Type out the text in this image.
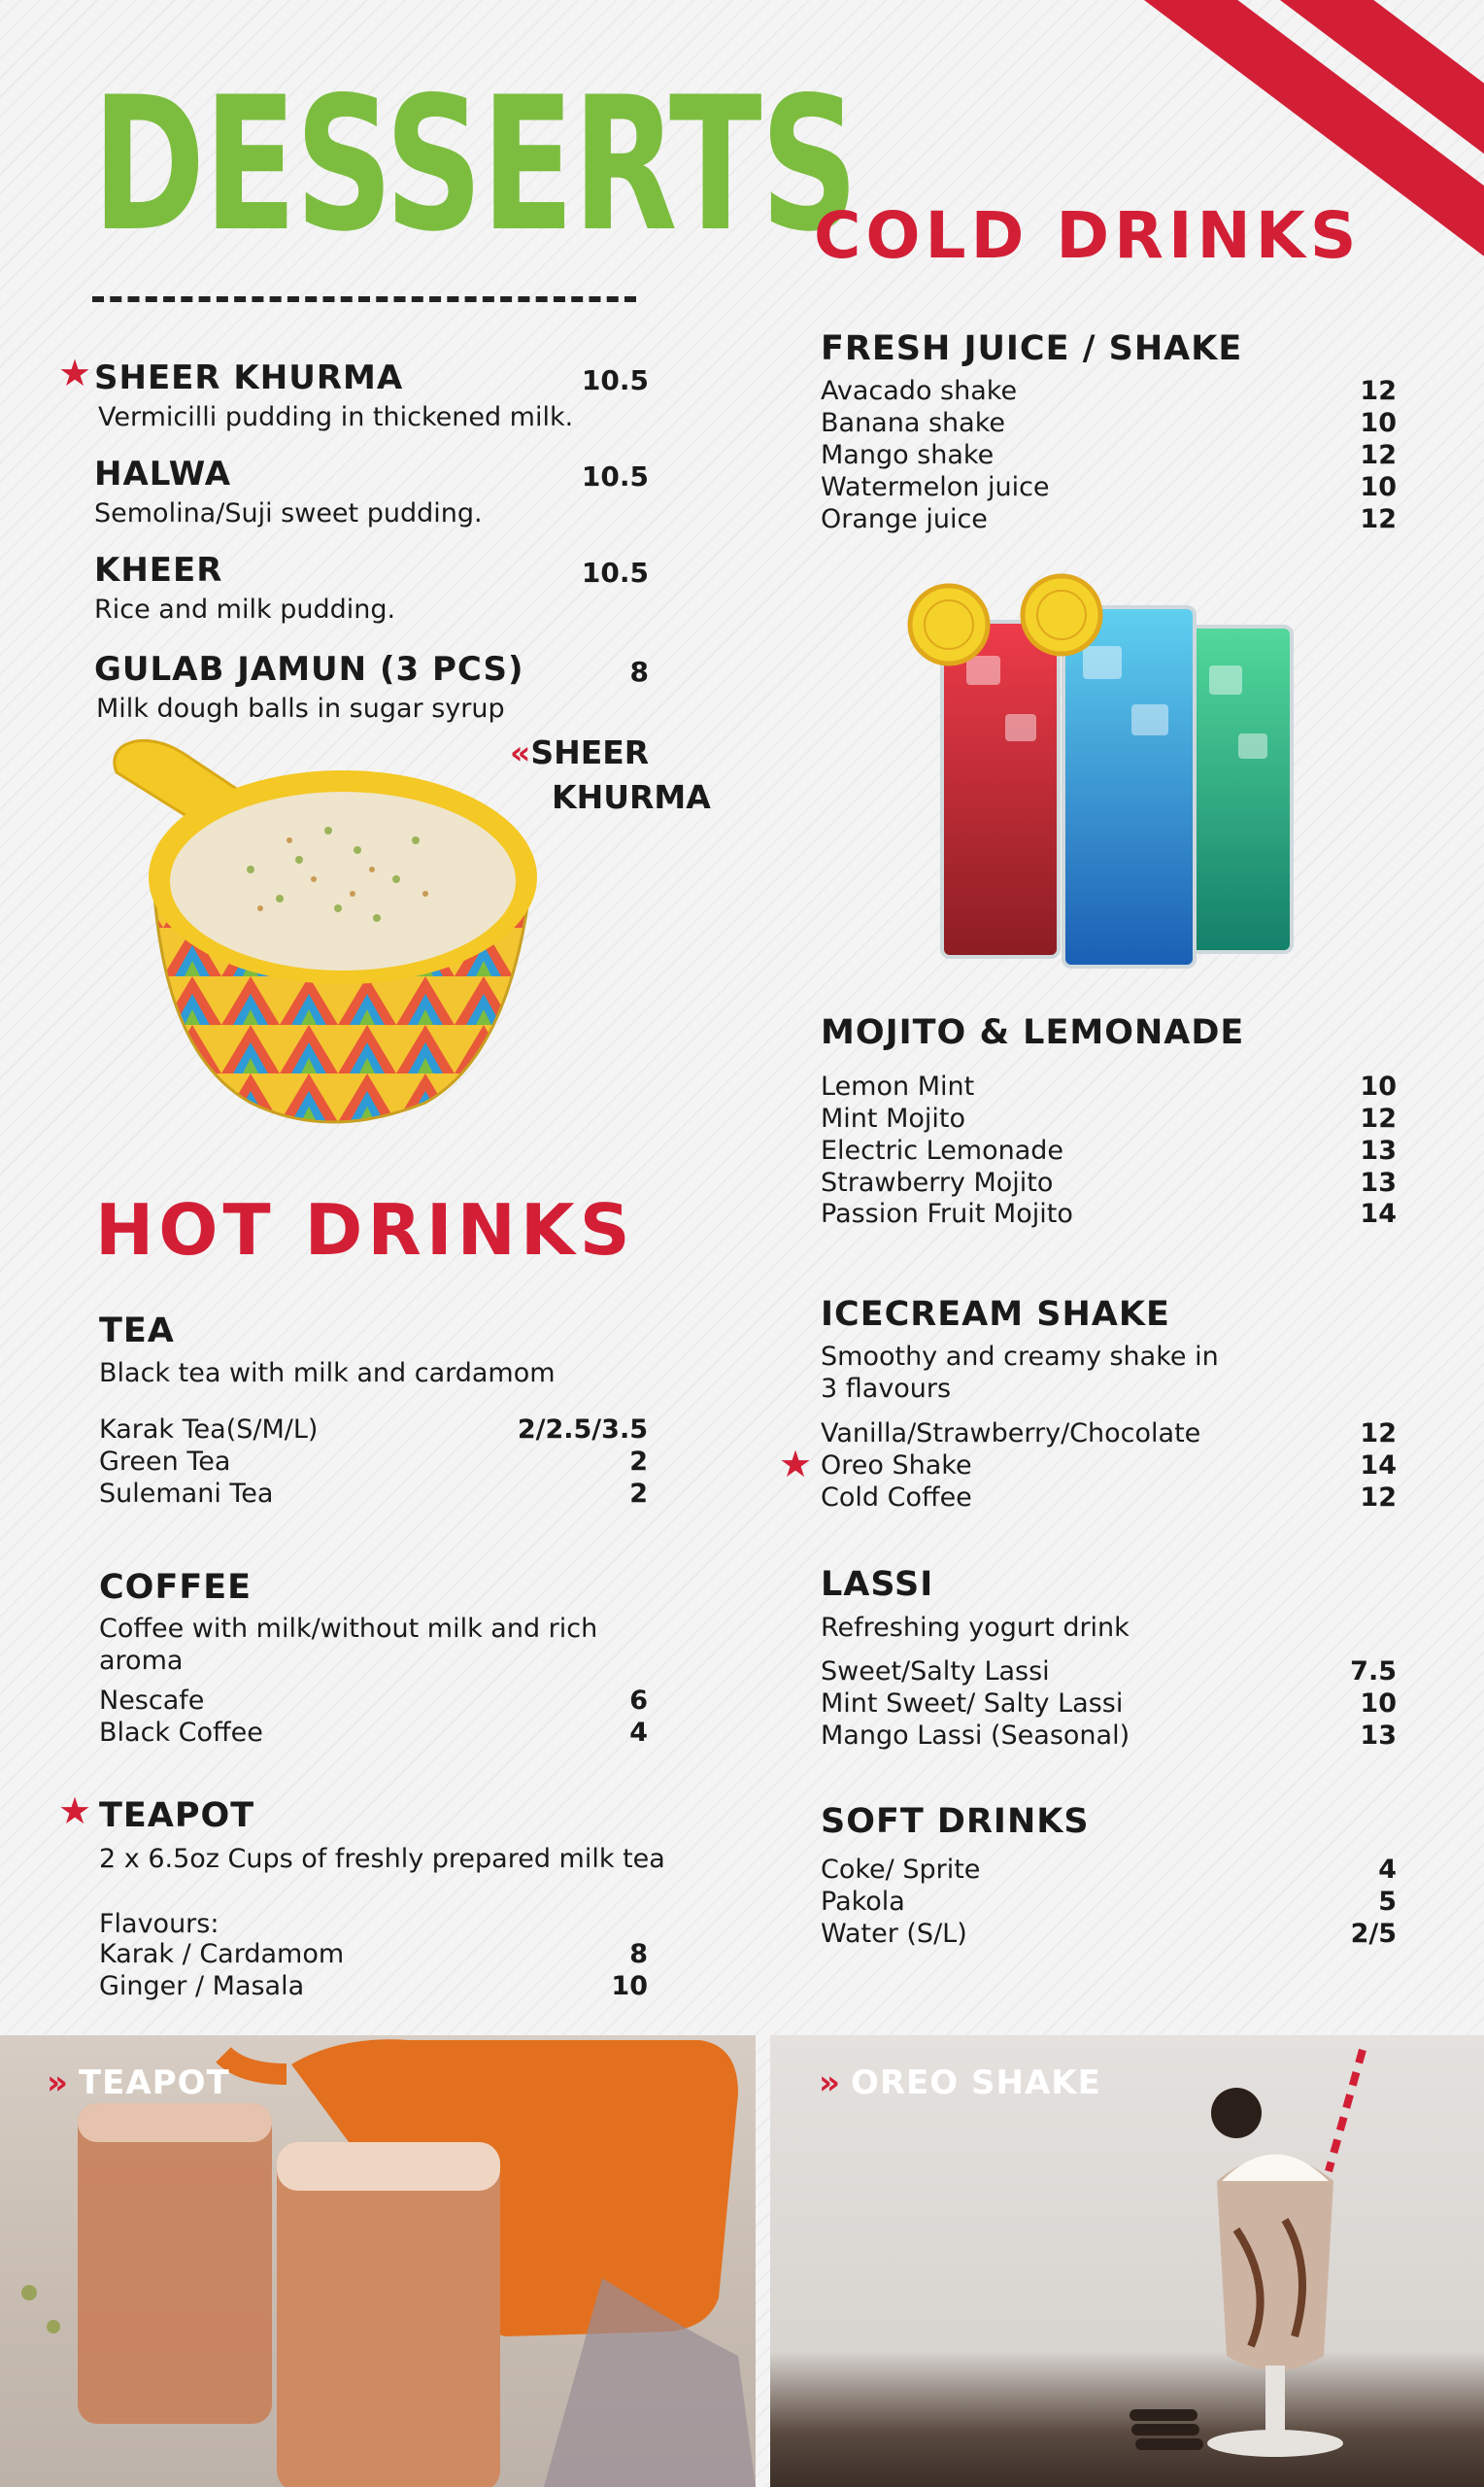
DESSERTS
★ SHEER KHURMA	10.5
Vermicilli pudding in thickened milk.
HALWA	10.5
Semolina/Suji sweet pudding.
KHEER	10.5
Rice and milk pudding.
GULAB JAMUN (3 PCS)	8
Milk dough balls in sugar syrup
«SHEER
KHURMA
HOT DRINKS
TEA
Black tea with milk and cardamom
Karak Tea(S/M/L)	2/2.5/3.5
Green Tea	2
Sulemani Tea	2
COFFEE
Coffee with milk/without milk and rich
aroma
Nescafe	6
Black Coffee	4
★ TEAPOT
2 x 6.5oz Cups of freshly prepared milk tea
Flavours:
Karak / Cardamom	8
Ginger / Masala	10
COLD DRINKS
FRESH JUICE / SHAKE
Avacado shake	12
Banana shake	10
Mango shake	12
Watermelon juice	10
Orange juice	12
MOJITO & LEMONADE
Lemon Mint	10
Mint Mojito	12
Electric Lemonade	13
Strawberry Mojito	13
Passion Fruit Mojito	14
ICECREAM SHAKE
Smoothy and creamy shake in
3 flavours
Vanilla/Strawberry/Chocolate	12
★ Oreo Shake	14
Cold Coffee	12
LASSI
Refreshing yogurt drink
Sweet/Salty Lassi	7.5
Mint Sweet/ Salty Lassi	10
Mango Lassi (Seasonal)	13
SOFT DRINKS
Coke/ Sprite	4
Pakola	5
Water (S/L)	2/5
» TEAPOT	» OREO SHAKE
